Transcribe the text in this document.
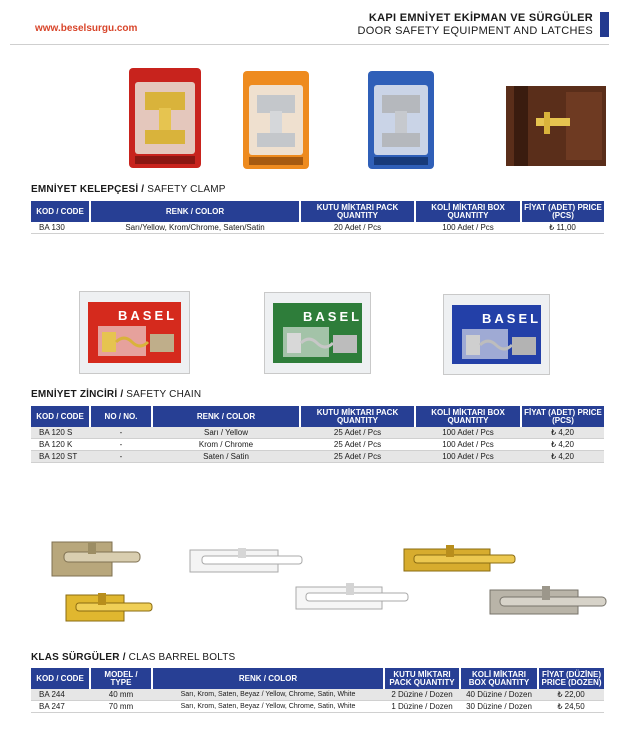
www.beselsurgu.com
KAPI EMNİYET EKİPMAN VE SÜRGÜLER
DOOR SAFETY EQUIPMENT AND LATCHES
EMNİYET KELEPÇESİ / SAFETY CLAMP
KOD / CODE	RENK / COLOR	KUTU MİKTARI PACK QUANTITY	KOLİ MİKTARI BOX QUANTITY	FİYAT (ADET) PRICE (PCS)
BA 130	Sarı/Yellow, Krom/Chrome, Saten/Satin	20 Adet / Pcs	100 Adet / Pcs	₺ 11,00
BASEL	BASEL	BASEL
EMNİYET ZİNCİRİ / SAFETY CHAIN
KOD / CODE	NO / NO.	RENK / COLOR	KUTU MİKTARI PACK QUANTITY	KOLİ MİKTARI BOX QUANTITY	FİYAT (ADET) PRICE (PCS)
BA 120 S	-	Sarı / Yellow	25 Adet / Pcs	100 Adet / Pcs	₺ 4,20
BA 120 K	-	Krom / Chrome	25 Adet / Pcs	100 Adet / Pcs	₺ 4,20
BA 120 ST	-	Saten / Satin	25 Adet / Pcs	100 Adet / Pcs	₺ 4,20
KLAS SÜRGÜLER / CLAS BARREL BOLTS
KOD / CODE	MODEL / TYPE	RENK / COLOR	KUTU MİKTARI PACK QUANTITY	KOLİ MİKTARI BOX QUANTITY	FİYAT (DÜZİNE) PRICE (DOZEN)
BA 244	40 mm	Sarı, Krom, Saten, Beyaz / Yellow, Chrome, Satin, White	2 Düzine / Dozen	40 Düzine / Dozen	₺ 22,00
BA 247	70 mm	Sarı, Krom, Saten, Beyaz / Yellow, Chrome, Satin, White	1 Düzine / Dozen	30 Düzine / Dozen	₺ 24,50
